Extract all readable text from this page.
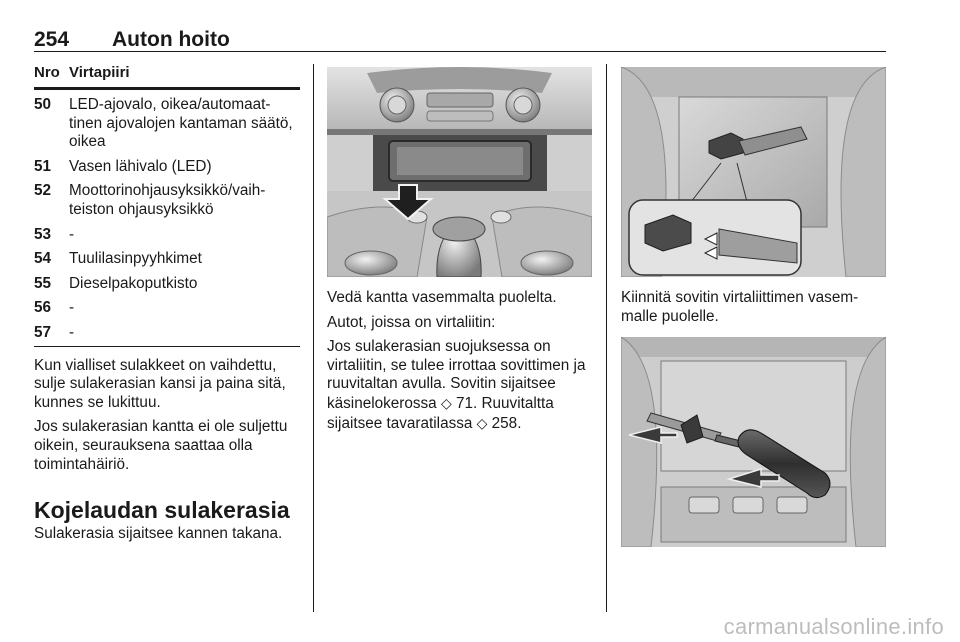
254 Auton hoito
Nro Virtapiiri
50 LED-ajovalo, oikea/automaat-tinen ajovalojen kantaman säätö, oikea
51 Vasen lähivalo (LED)
52 Moottorinohjausyksikkö/vaih-teiston ohjausyksikkö
53 -
54 Tuulilasinpyyhkimet
55 Dieselpakoputkisto
56 -
57 -
Kun vialliset sulakkeet on vaihdettu, sulje sulakerasian kansi ja paina sitä, kunnes se lukittuu.
Jos sulakerasian kantta ei ole suljettu oikein, seurauksena saattaa olla toimintahäiriö.
Kojelaudan sulakerasia
Sulakerasia sijaitsee kannen takana.
Vedä kantta vasemmalta puolelta.
Autot, joissa on virtaliitin:
Jos sulakerasian suojuksessa on virtaliitin, se tulee irrottaa sovittimen ja ruuvitaltan avulla. Sovitin sijaitsee käsinelokerossa ◇ 71. Ruuvitaltta sijaitsee tavaratilassa ◇ 258.
Kiinnitä sovitin virtaliittimen vasem-malle puolelle.
carmanualsonline.info
